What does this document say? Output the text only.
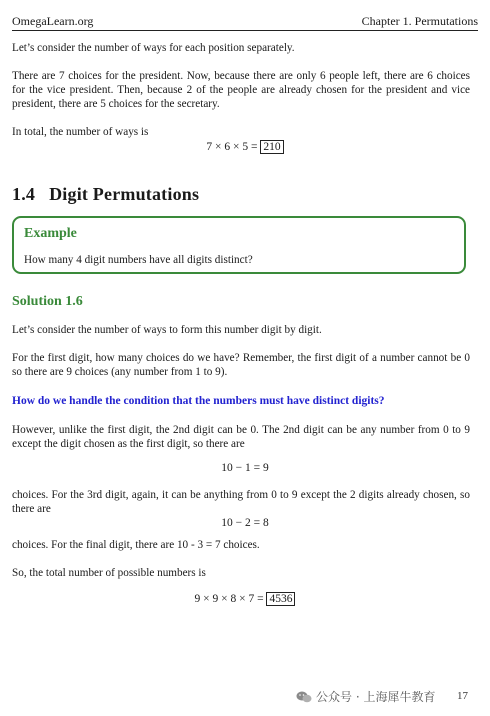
OmegaLearn.org	Chapter 1. Permutations
Let’s consider the number of ways for each position separately.
There are 7 choices for the president. Now, because there are only 6 people left, there are 6 choices for the vice president. Then, because 2 of the people are already chosen for the president and vice president, there are 5 choices for the secretary.
In total, the number of ways is
7 × 6 × 5 = 210
1.4 Digit Permutations
Example
How many 4 digit numbers have all digits distinct?
Solution 1.6
Let’s consider the number of ways to form this number digit by digit.
For the first digit, how many choices do we have? Remember, the first digit of a number cannot be 0 so there are 9 choices (any number from 1 to 9).
How do we handle the condition that the numbers must have distinct digits?
However, unlike the first digit, the 2nd digit can be 0. The 2nd digit can be any number from 0 to 9 except the digit chosen as the first digit, so there are
10 − 1 = 9
choices. For the 3rd digit, again, it can be anything from 0 to 9 except the 2 digits already chosen, so there are
10 − 2 = 8
choices. For the final digit, there are 10 - 3 = 7 choices.
So, the total number of possible numbers is
9 × 9 × 8 × 7 = 4536
公众号 · 上海犀牛教育 17
